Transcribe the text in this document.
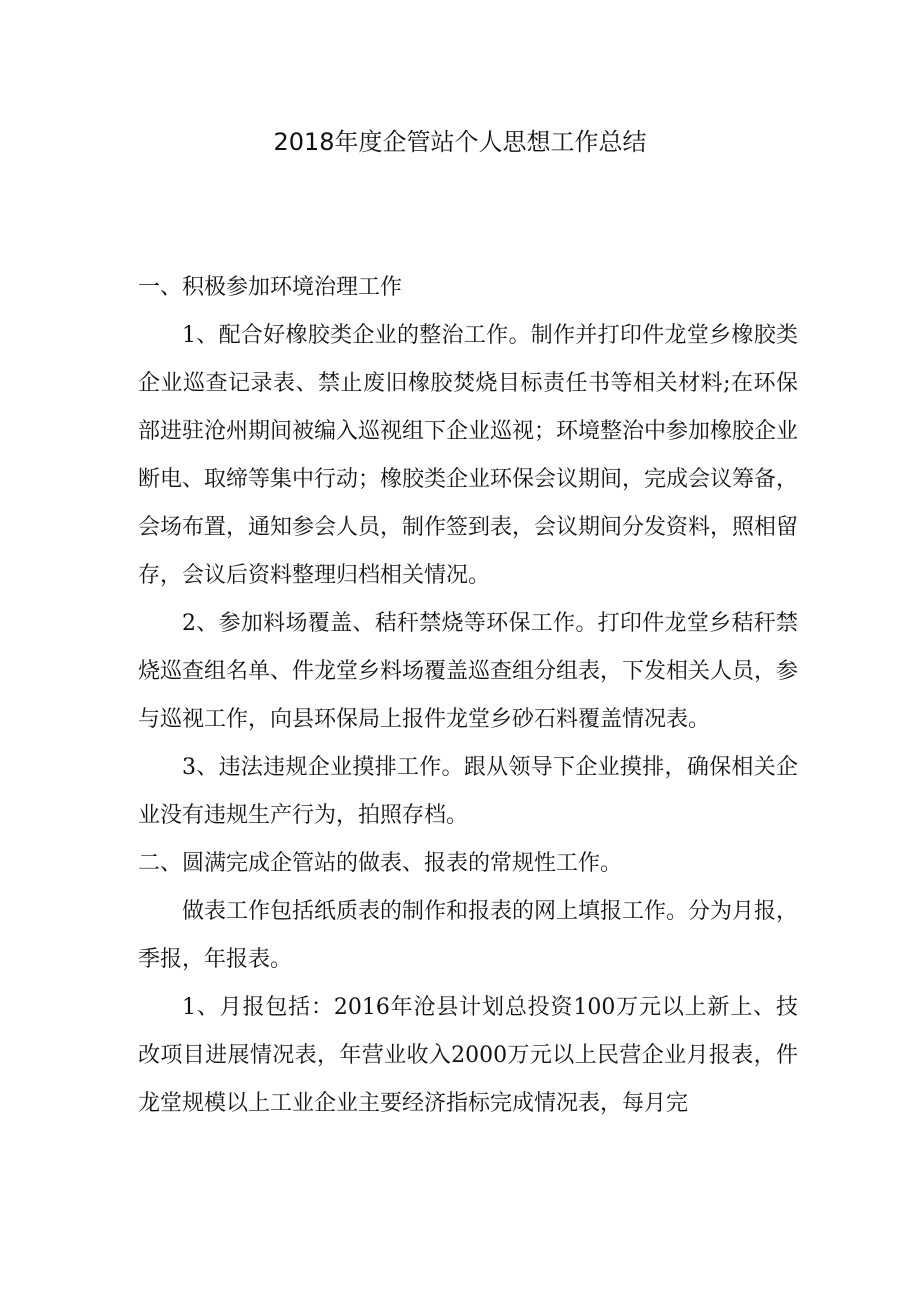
2018年度企管站个人思想工作总结

一、积极参加环境治理工作

1、配合好橡胶类企业的整治工作。制作并打印件龙堂乡橡胶类企业巡查记录表、禁止废旧橡胶焚烧目标责任书等相关材料;在环保部进驻沧州期间被编入巡视组下企业巡视；环境整治中参加橡胶企业断电、取缔等集中行动；橡胶类企业环保会议期间，完成会议筹备，会场布置，通知参会人员，制作签到表，会议期间分发资料，照相留存，会议后资料整理归档相关情况。

2、参加料场覆盖、秸秆禁烧等环保工作。打印件龙堂乡秸秆禁烧巡查组名单、件龙堂乡料场覆盖巡查组分组表，下发相关人员，参与巡视工作，向县环保局上报件龙堂乡砂石料覆盖情况表。

3、违法违规企业摸排工作。跟从领导下企业摸排，确保相关企业没有违规生产行为，拍照存档。

二、圆满完成企管站的做表、报表的常规性工作。

做表工作包括纸质表的制作和报表的网上填报工作。分为月报，季报，年报表。

1、月报包括：2016年沧县计划总投资100万元以上新上、技改项目进展情况表，年营业收入2000万元以上民营企业月报表，件龙堂规模以上工业企业主要经济指标完成情况表，每月完
